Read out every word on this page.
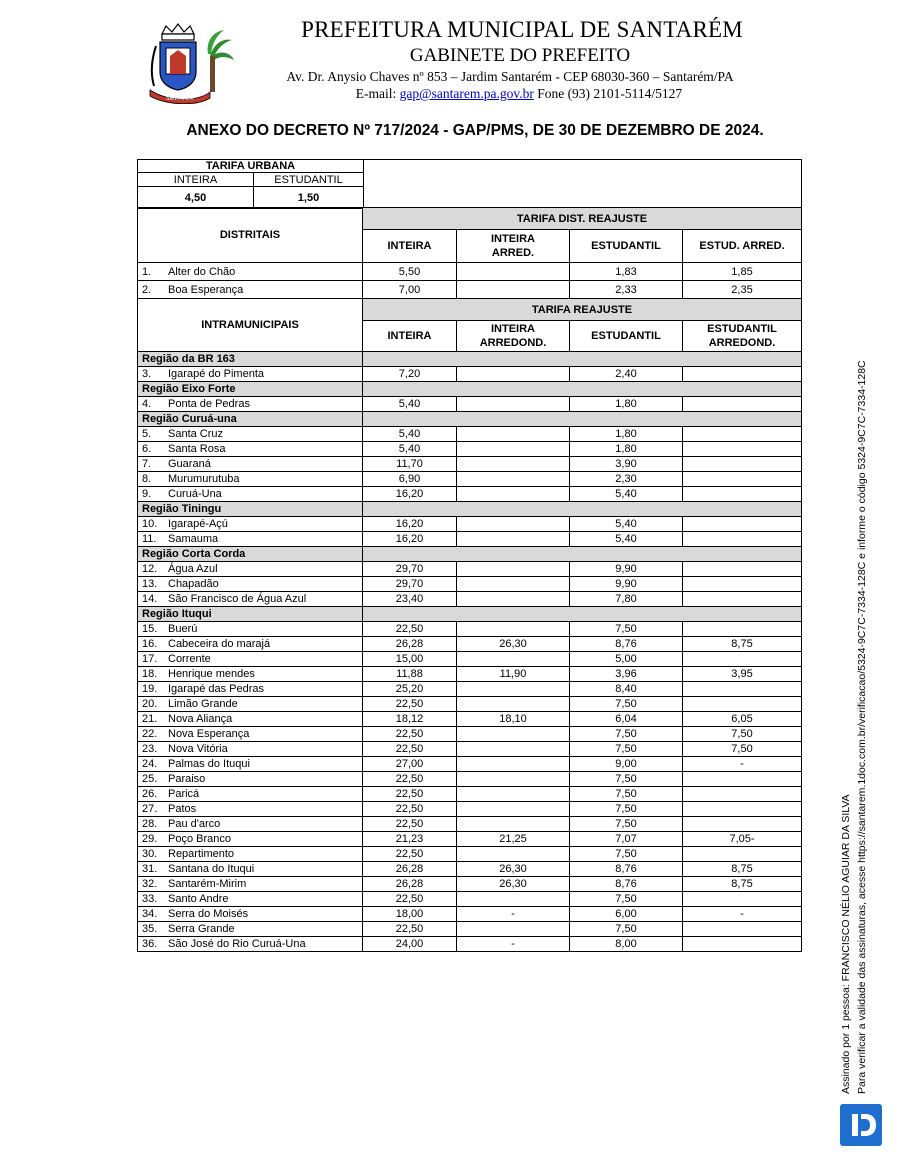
SANTARÉM
PREFEITURA MUNICIPAL DE SANTARÉM
GABINETE DO PREFEITO
Av. Dr. Anysio Chaves nº 853 – Jardim Santarém - CEP 68030-360 – Santarém/PA
E-mail: gap@santarem.pa.gov.br Fone (93) 2101-5114/5127
ANEXO DO DECRETO Nº 717/2024 - GAP/PMS, DE 30 DE DEZEMBRO DE 2024.
TARIFA URBANA		
INTEIRA	ESTUDANTIL	
4,50	1,50	
DISTRITAIS	TARIFA DIST. REAJUSTE			
	INTEIRA	INTEIRA ARRED.	ESTUDANTIL	ESTUD. ARRED.
1. Alter do Chão	5,50		1,83	1,85
2. Boa Esperança	7,00		2,33	2,35
INTRAMUNICIPAIS	TARIFA REAJUSTE			
	INTEIRA	INTEIRA ARREDOND.	ESTUDANTIL	ESTUDANTIL ARREDOND.
Região da BR 163				
3. Igarapé do Pimenta	7,20		2,40	
Região Eixo Forte				
4. Ponta de Pedras	5,40		1,80	
Região Curuá-una				
5. Santa Cruz	5,40		1,80	
6. Santa Rosa	5,40		1,80	
7. Guaraná	11,70		3,90	
8. Murumurutuba	6,90		2,30	
9. Curuá-Una	16,20		5,40	
Região Tiningu				
10. Igarapé-Açú	16,20		5,40	
11. Samauma	16,20		5,40	
Região Corta Corda				
12. Água Azul	29,70		9,90	
13. Chapadão	29,70		9,90	
14. São Francisco de Água Azul	23,40		7,80	
Região Ituqui				
15. Buerú	22,50		7,50	
16. Cabeceira do marajá	26,28	26,30	8,76	8,75
17. Corrente	15,00		5,00	
18. Henrique mendes	11,88	11,90	3,96	3,95
19. Igarapé das Pedras	25,20		8,40	
20. Limão Grande	22,50		7,50	
21. Nova Aliança	18,12	18,10	6,04	6,05
22. Nova Esperança	22,50		7,50	7,50
23. Nova Vitória	22,50		7,50	7,50
24. Palmas do Ituqui	27,00		9,00	-
25. Paraiso	22,50		7,50	
26. Paricá	22,50		7,50	
27. Patos	22,50		7,50	
28. Pau d'arco	22,50		7,50	
29. Poço Branco	21,23	21,25	7,07	7,05-
30. Repartimento	22,50		7,50	
31. Santana do Ituqui	26,28	26,30	8,76	8,75
32. Santarém-Mirim	26,28	26,30	8,76	8,75
33. Santo Andre	22,50		7,50	
34. Serra do Moisés	18,00	-	6,00	-
35. Serra Grande	22,50		7,50	
36. São José do Rio Curuá-Una	24,00	-	8,00		Assinado por 1 pessoa: FRANCISCO NÉLIO AGUIAR DA SILVA Para verificar a validade das assinaturas, acesse https://santarem.1doc.com.br/verificacao/5324-9C7C-7334-128C e informe o código 5324-9C7C-7334-128C
